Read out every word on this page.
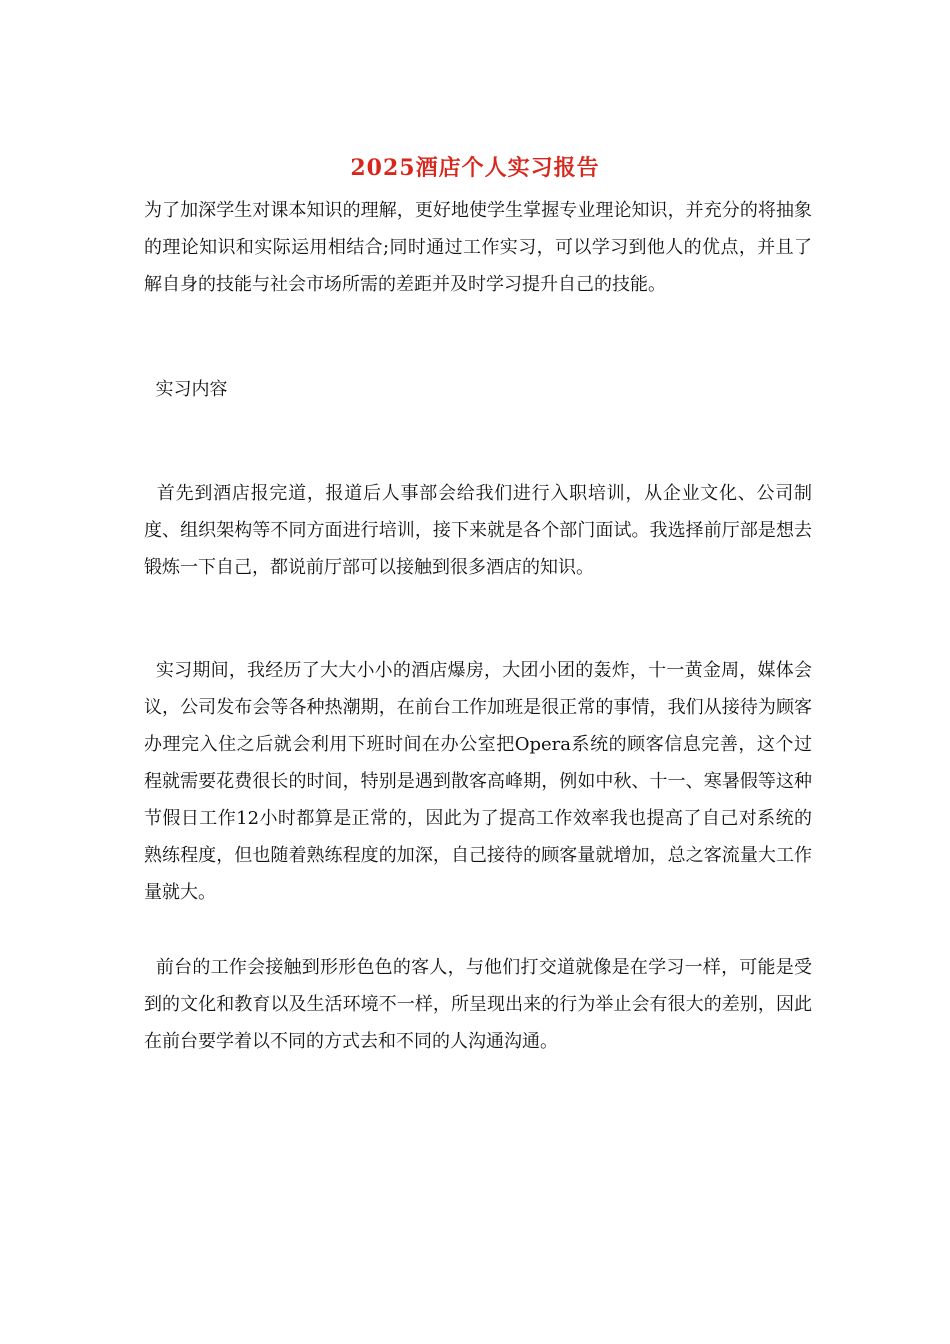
2025酒店个人实习报告
为了加深学生对课本知识的理解，更好地使学生掌握专业理论知识，并充分的将抽象的理论知识和实际运用相结合;同时通过工作实习，可以学习到他人的优点，并且了解自身的技能与社会市场所需的差距并及时学习提升自己的技能。
实习内容
首先到酒店报完道，报道后人事部会给我们进行入职培训，从企业文化、公司制度、组织架构等不同方面进行培训，接下来就是各个部门面试。我选择前厅部是想去锻炼一下自己，都说前厅部可以接触到很多酒店的知识。
实习期间，我经历了大大小小的酒店爆房，大团小团的轰炸，十一黄金周，媒体会议，公司发布会等各种热潮期，在前台工作加班是很正常的事情，我们从接待为顾客办理完入住之后就会利用下班时间在办公室把Opera系统的顾客信息完善，这个过程就需要花费很长的时间，特别是遇到散客高峰期，例如中秋、十一、寒暑假等这种节假日工作12小时都算是正常的，因此为了提高工作效率我也提高了自己对系统的熟练程度，但也随着熟练程度的加深，自己接待的顾客量就增加，总之客流量大工作量就大。
前台的工作会接触到形形色色的客人，与他们打交道就像是在学习一样，可能是受到的文化和教育以及生活环境不一样，所呈现出来的行为举止会有很大的差别，因此在前台要学着以不同的方式去和不同的人沟通沟通。
